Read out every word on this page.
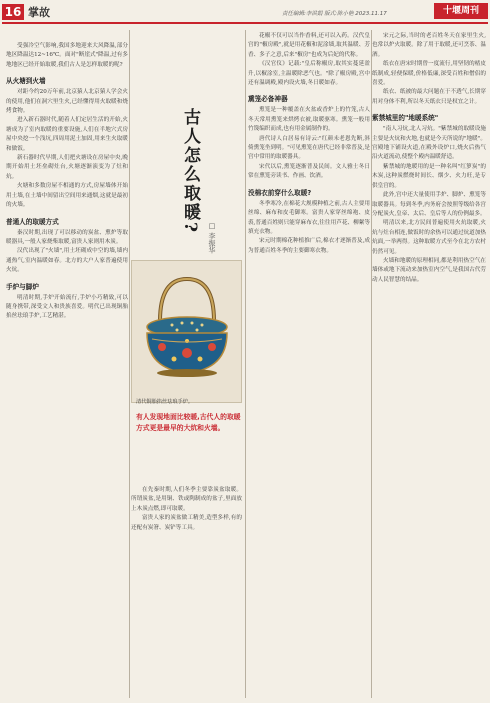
16 掌故	责任编辑:李洪娟 版式:陈小艳 2023.11.17	十堰周刊

受强冷空气影响,我国多地迎来大风降温,部分地区降温达12~16℃。面对"断崖式"降温,过有多地地区已经开始取暖,我们古人是怎样取暖的呢?

从火塘到火墙

对距今约20万年前,北京猿人北京猿人学会火的使用,他们在洞穴里生火,已经懂得用火取暖和烧烤食物。

进入新石器时代,随着人们定居生活的开始,火塘成为了室内取暖的重要设施,人们在半地穴式房屋中央挖一个浅坑,四周用泥土加固,用来生火取暖和做饭。

新石器时代早期,人们把火塘设在房屋中央,晚期开始用土坯垒砌灶台,火塘逐渐演变为了灶和炕。

火塘和多数房屋不相通的方式,房屋墙体开始用土墙,在土墙中间留出空间用来通烟,这就是最初的火墙。

普通人的取暖方式

秦汉时期,出现了可以移动的炭盆、熏炉等取暖器具,一般人家烧柴取暖,富贵人家则用木炭。

汉代出现了"火墙",用土坯砌成中空的墙,墙内通热气,室内温暖如春。北方的大户人家普遍使用火炕。

手炉与脚炉

明清时期,手炉开始流行,手炉小巧精致,可以随身携带,深受文人和贵族喜爱。明代已出现铜胎掐丝珐琅手炉,工艺精湛。

古人怎么取暖?
□ 李振华
清代铜胎掐丝珐琅手炉。
有人发现地面比较暖,古代人的取暖方式更是最早的大炕和火墙。

在先秦时期,人们冬季主要靠炭盆取暖。所谓炭盆,是用铜、铁或陶制成的盆子,里面放上木炭点燃,即可取暖。

富贵人家的炭盆做工精美,造型多样,有的还配有炭箸、炭铲等工具。

花椒不仅可以当作香料,还可以入药。汉代皇宫的"椒房殿",就是用花椒和泥涂墙,取其温暖、芳香、多子之意,后来"椒房"也成为后妃的代称。

《汉官仪》记载:"皇后称椒房,取其实蔓延盈升,以椒涂室,主温暖除恶气也。"除了椒房殿,宫中还有温调殿,殿内设火墙,冬日暖如春。

熏笼必备神器

熏笼是一种覆盖在火盆或香炉上的竹笼,古人冬天常用熏笼来烘烤衣被,取暖驱寒。熏笼一般用竹篾编织而成,也有用金属制作的。

唐代诗人白居易有诗云:"红颜未老恩先断,斜倚熏笼坐到明。"可见熏笼在唐代已经非常普及,是宫中常用的取暖器具。

宋代以后,熏笼逐渐普及民间。文人雅士冬日常在熏笼旁读书、作画、饮酒。

没棉衣前穿什么取暖?

冬季寒冷,在棉花大规模种植之前,古人主要用丝绵、麻布和皮毛御寒。富贵人家穿丝绵袍、皮裘,普通百姓则只能穿麻布衣,往往用芦花、柳絮等填充衣物。

宋元时期棉花种植推广后,棉衣才逐渐普及,成为普通百姓冬季的主要御寒衣物。

宋元之际,当时的老百姓冬天在家里生火,也常以炉火取暖。除了用于取暖,还可烹茶、温酒。

纸衣在唐宋时期曾一度流行,用坚韧的楮皮纸制成,轻便保暖,价格低廉,深受百姓和僧侣的喜爱。

纸衣、纸被的最大问题在于不透气,长期穿用对身体不利,所以冬天纸衣只是权宜之计。

紫禁城里的"地暖系统"

"南人习炕,北人习炕。"紫禁城的取暖设施主要是火炕和火地,也就是今天所说的"地暖"。宫殿地下铺设火道,在殿外设炉口,烧火后热气沿火道流动,使整个殿内温暖舒适。

紫禁城的地暖用的是一种名叫"红箩炭"的木炭,这种炭燃烧时间长、烟少、火力旺,是专供皇宫的。

此外,宫中还大量使用手炉、脚炉、熏笼等取暖器具。每到冬季,内务府会按照等级给各宫分配炭火,皇帝、太后、皇后等人的份例最多。

明清以来,北方民间普遍使用火炕取暖,火炕与灶台相连,做饭时的余热可以通过炕道加热炕面,一举两得。这种取暖方式至今在北方农村仍然可见。

火墙和地暖的原理相同,都是利用热空气在墙体或地下流动来加热室内空气,是我国古代劳动人民智慧的结晶。
